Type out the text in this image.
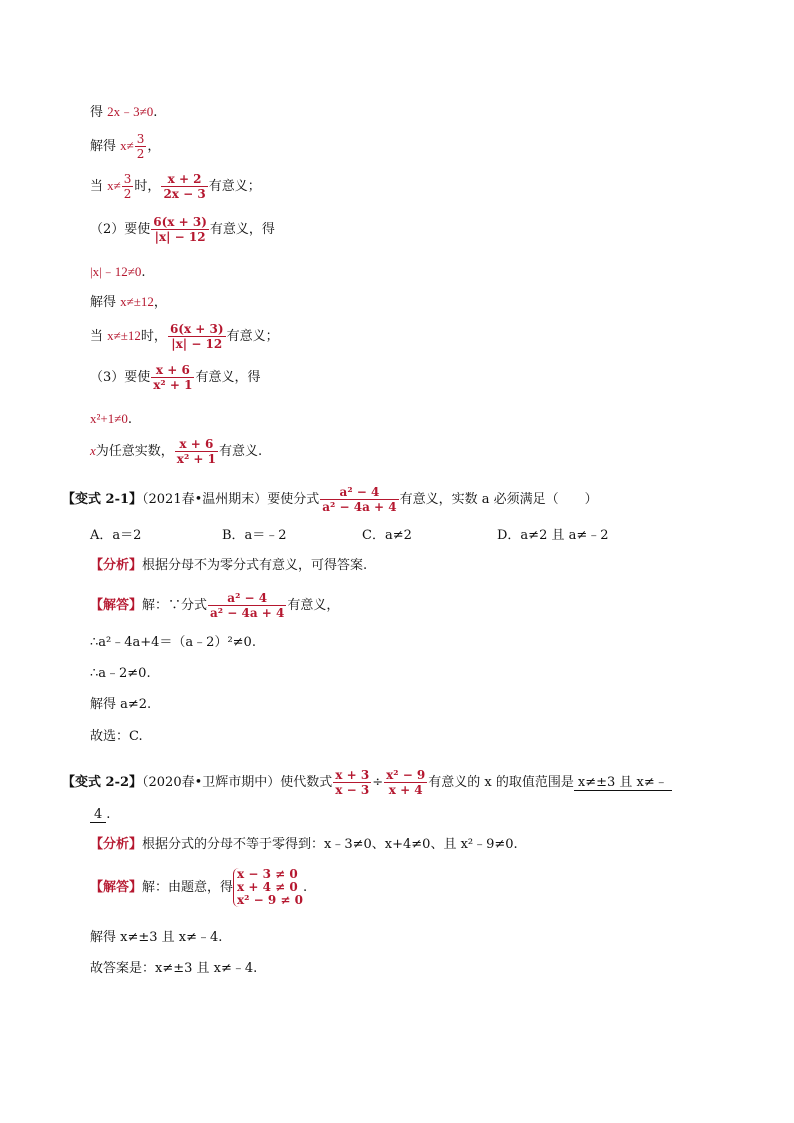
得 2x﹣3≠0.
解得 $x\ne \frac{3}{2}$ ，
当 $x\ne \frac{3}{2}$ 时， $\frac{x + 2}{2x - 3}$ 有意义；
（2）要使 $\frac{6(x + 3)}{|x| - 12}$ 有意义，得
|x|﹣12≠0.
解得 x≠±12，
当 x≠±12时， $\frac{6(x + 3)}{|x| - 12}$ 有意义；
（3）要使 $\frac{x + 6}{\text{x² + 1}}$ 有意义，得
x²+1≠0.
x为任意实数， $\frac{x + 6}{\text{x² + 1}}$ 有意义.
【变式 2-1】（2021春•温州期末）要使分式 $\frac{\text{a² − 4}}{\text{a² − 4a + 4}}$ 有意义，实数 a 必须满足（　　）
A．a＝2	B．a＝﹣2	C．a≠2	D．a≠2 且 a≠﹣2
【分析】根据分母不为零分式有意义，可得答案.
【解答】解：∵分式 $\frac{\text{a² − 4}}{\text{a² − 4a + 4}}$ 有意义，
∴a²﹣4a+4＝（a﹣2）²≠0.
∴a﹣2≠0.
解得 a≠2.
故选：C.
【变式 2-2】（2020春•卫辉市期中）使代数式 $\frac{x + 3}{x - 3} \div \frac{\text{x² − 9}}{x + 4}$ 有意义的 x 的取值范围是 x≠±3 且 x≠﹣
4 .
【分析】根据分式的分母不等于零得到：x﹣3≠0、x+4≠0、且 x²﹣9≠0.
【解答】解：由题意，得
x − 3 ≠ 0
x + 4 ≠ 0
x² − 9 ≠ 0
.
解得 x≠±3 且 x≠﹣4.
故答案是：x≠±3 且 x≠﹣4.
